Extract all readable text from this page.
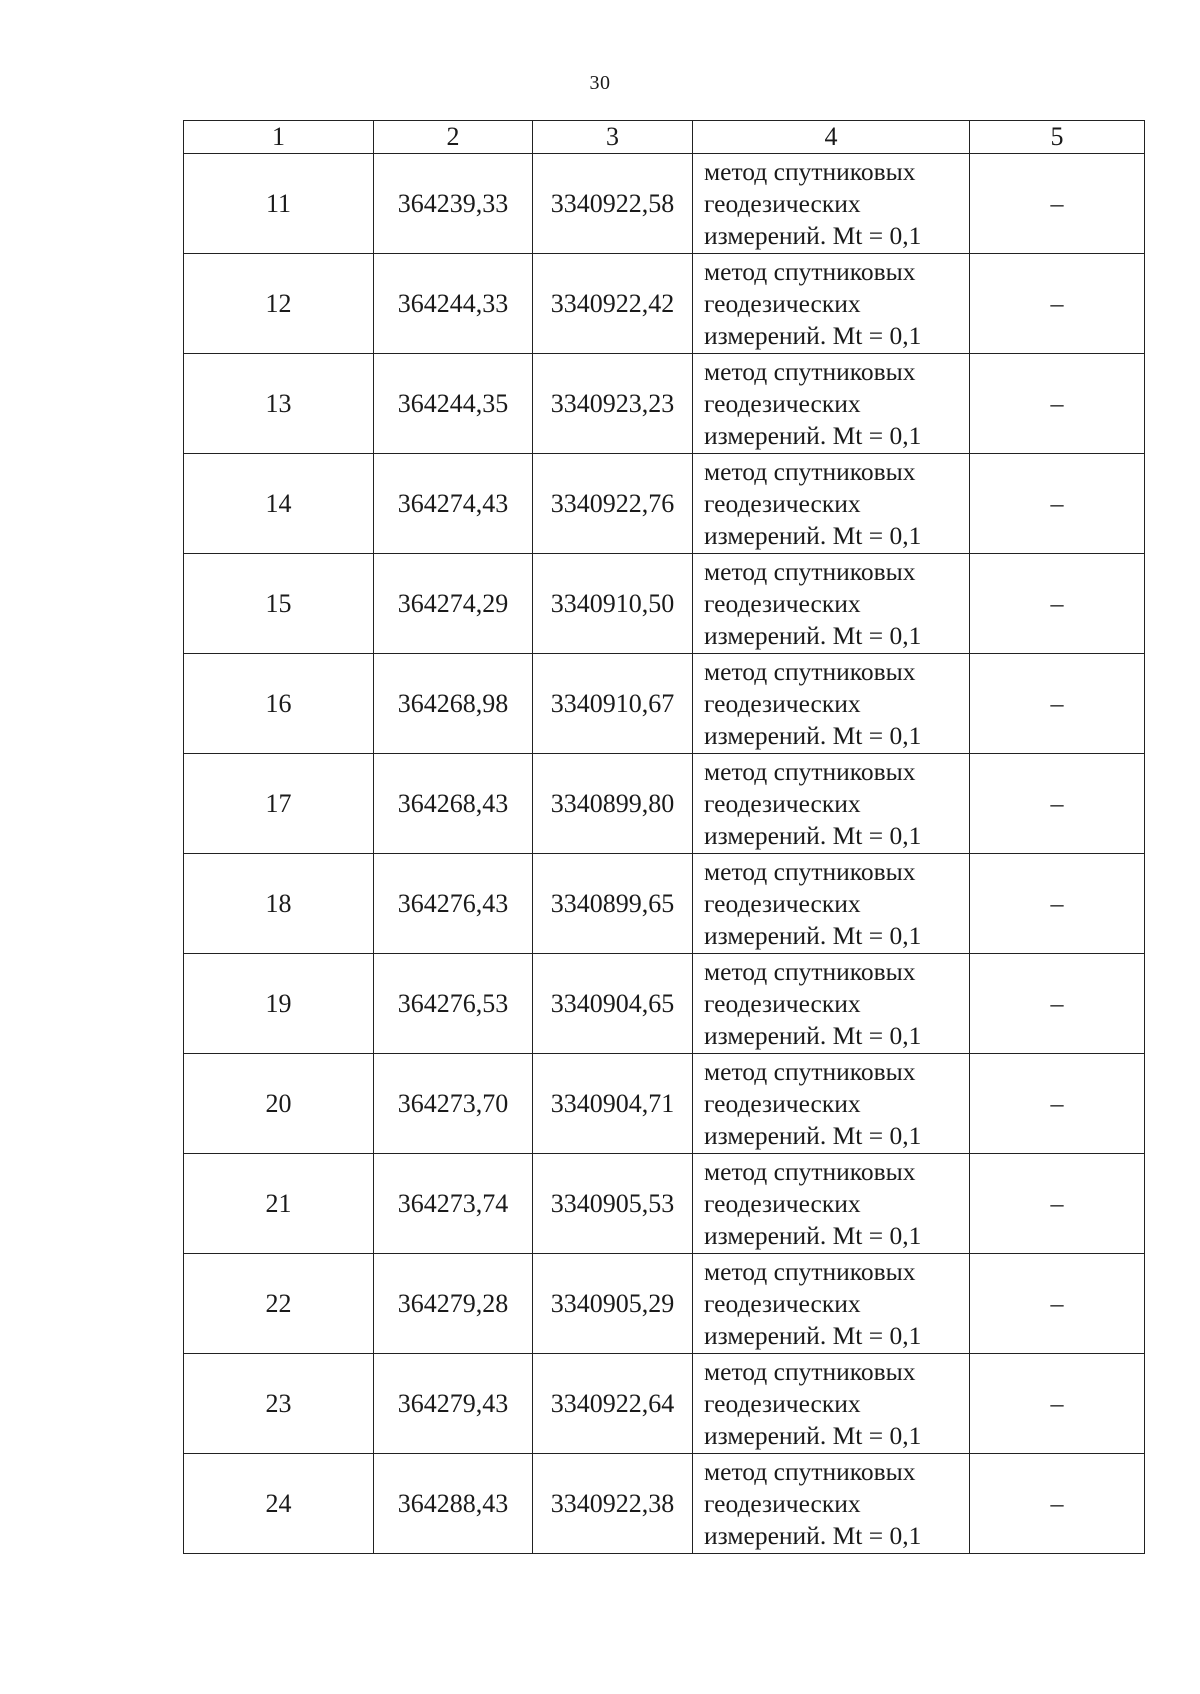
30
1	2	3	4	5
11	364239,33	3340922,58	метод спутниковых
геодезических
измерений. Mt = 0,1	–
12	364244,33	3340922,42	метод спутниковых
геодезических
измерений. Mt = 0,1	–
13	364244,35	3340923,23	метод спутниковых
геодезических
измерений. Mt = 0,1	–
14	364274,43	3340922,76	метод спутниковых
геодезических
измерений. Mt = 0,1	–
15	364274,29	3340910,50	метод спутниковых
геодезических
измерений. Mt = 0,1	–
16	364268,98	3340910,67	метод спутниковых
геодезических
измерений. Mt = 0,1	–
17	364268,43	3340899,80	метод спутниковых
геодезических
измерений. Mt = 0,1	–
18	364276,43	3340899,65	метод спутниковых
геодезических
измерений. Mt = 0,1	–
19	364276,53	3340904,65	метод спутниковых
геодезических
измерений. Mt = 0,1	–
20	364273,70	3340904,71	метод спутниковых
геодезических
измерений. Mt = 0,1	–
21	364273,74	3340905,53	метод спутниковых
геодезических
измерений. Mt = 0,1	–
22	364279,28	3340905,29	метод спутниковых
геодезических
измерений. Mt = 0,1	–
23	364279,43	3340922,64	метод спутниковых
геодезических
измерений. Mt = 0,1	–
24	364288,43	3340922,38	метод спутниковых
геодезических
измерений. Mt = 0,1	–
